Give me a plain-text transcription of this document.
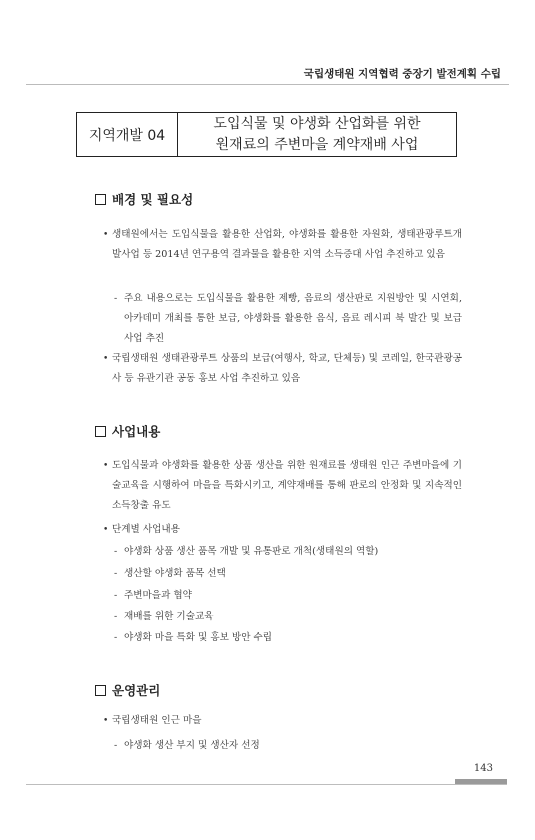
국립생태원 지역협력 중장기 발전계획 수립
지역개발 04
도입식물 및 야생화 산업화를 위한
원재료의 주변마을 계약재배 사업
배경 및 필요성
• 생태원에서는 도입식물을 활용한 산업화, 야생화를 활용한 자원화, 생태관광루트개발사업 등 2014년 연구용역 결과물을 활용한 지역 소득증대 사업 추진하고 있음
- 주요 내용으로는 도입식물을 활용한 제빵, 음료의 생산판로 지원방안 및 시연회, 아카데미 개최를 통한 보급, 야생화를 활용한 음식, 음료 레시피 북 발간 및 보급 사업 추진
• 국립생태원 생태관광루트 상품의 보급(여행사, 학교, 단체등) 및 코레일, 한국관광공사 등 유관기관 공동 홍보 사업 추진하고 있음
사업내용
• 도입식물과 야생화를 활용한 상품 생산을 위한 원재료를 생태원 인근 주변마을에 기술교육을 시행하여 마을을 특화시키고, 계약재배를 통해 판로의 안정화 및 지속적인 소득창출 유도
• 단계별 사업내용
- 야생화 상품 생산 품목 개발 및 유통판로 개척(생태원의 역할)
- 생산할 야생화 품목 선택
- 주변마을과 협약
- 재배를 위한 기술교육
- 야생화 마을 특화 및 홍보 방안 수립
운영관리
• 국립생태원 인근 마을
- 야생화 생산 부지 및 생산자 선정
143
